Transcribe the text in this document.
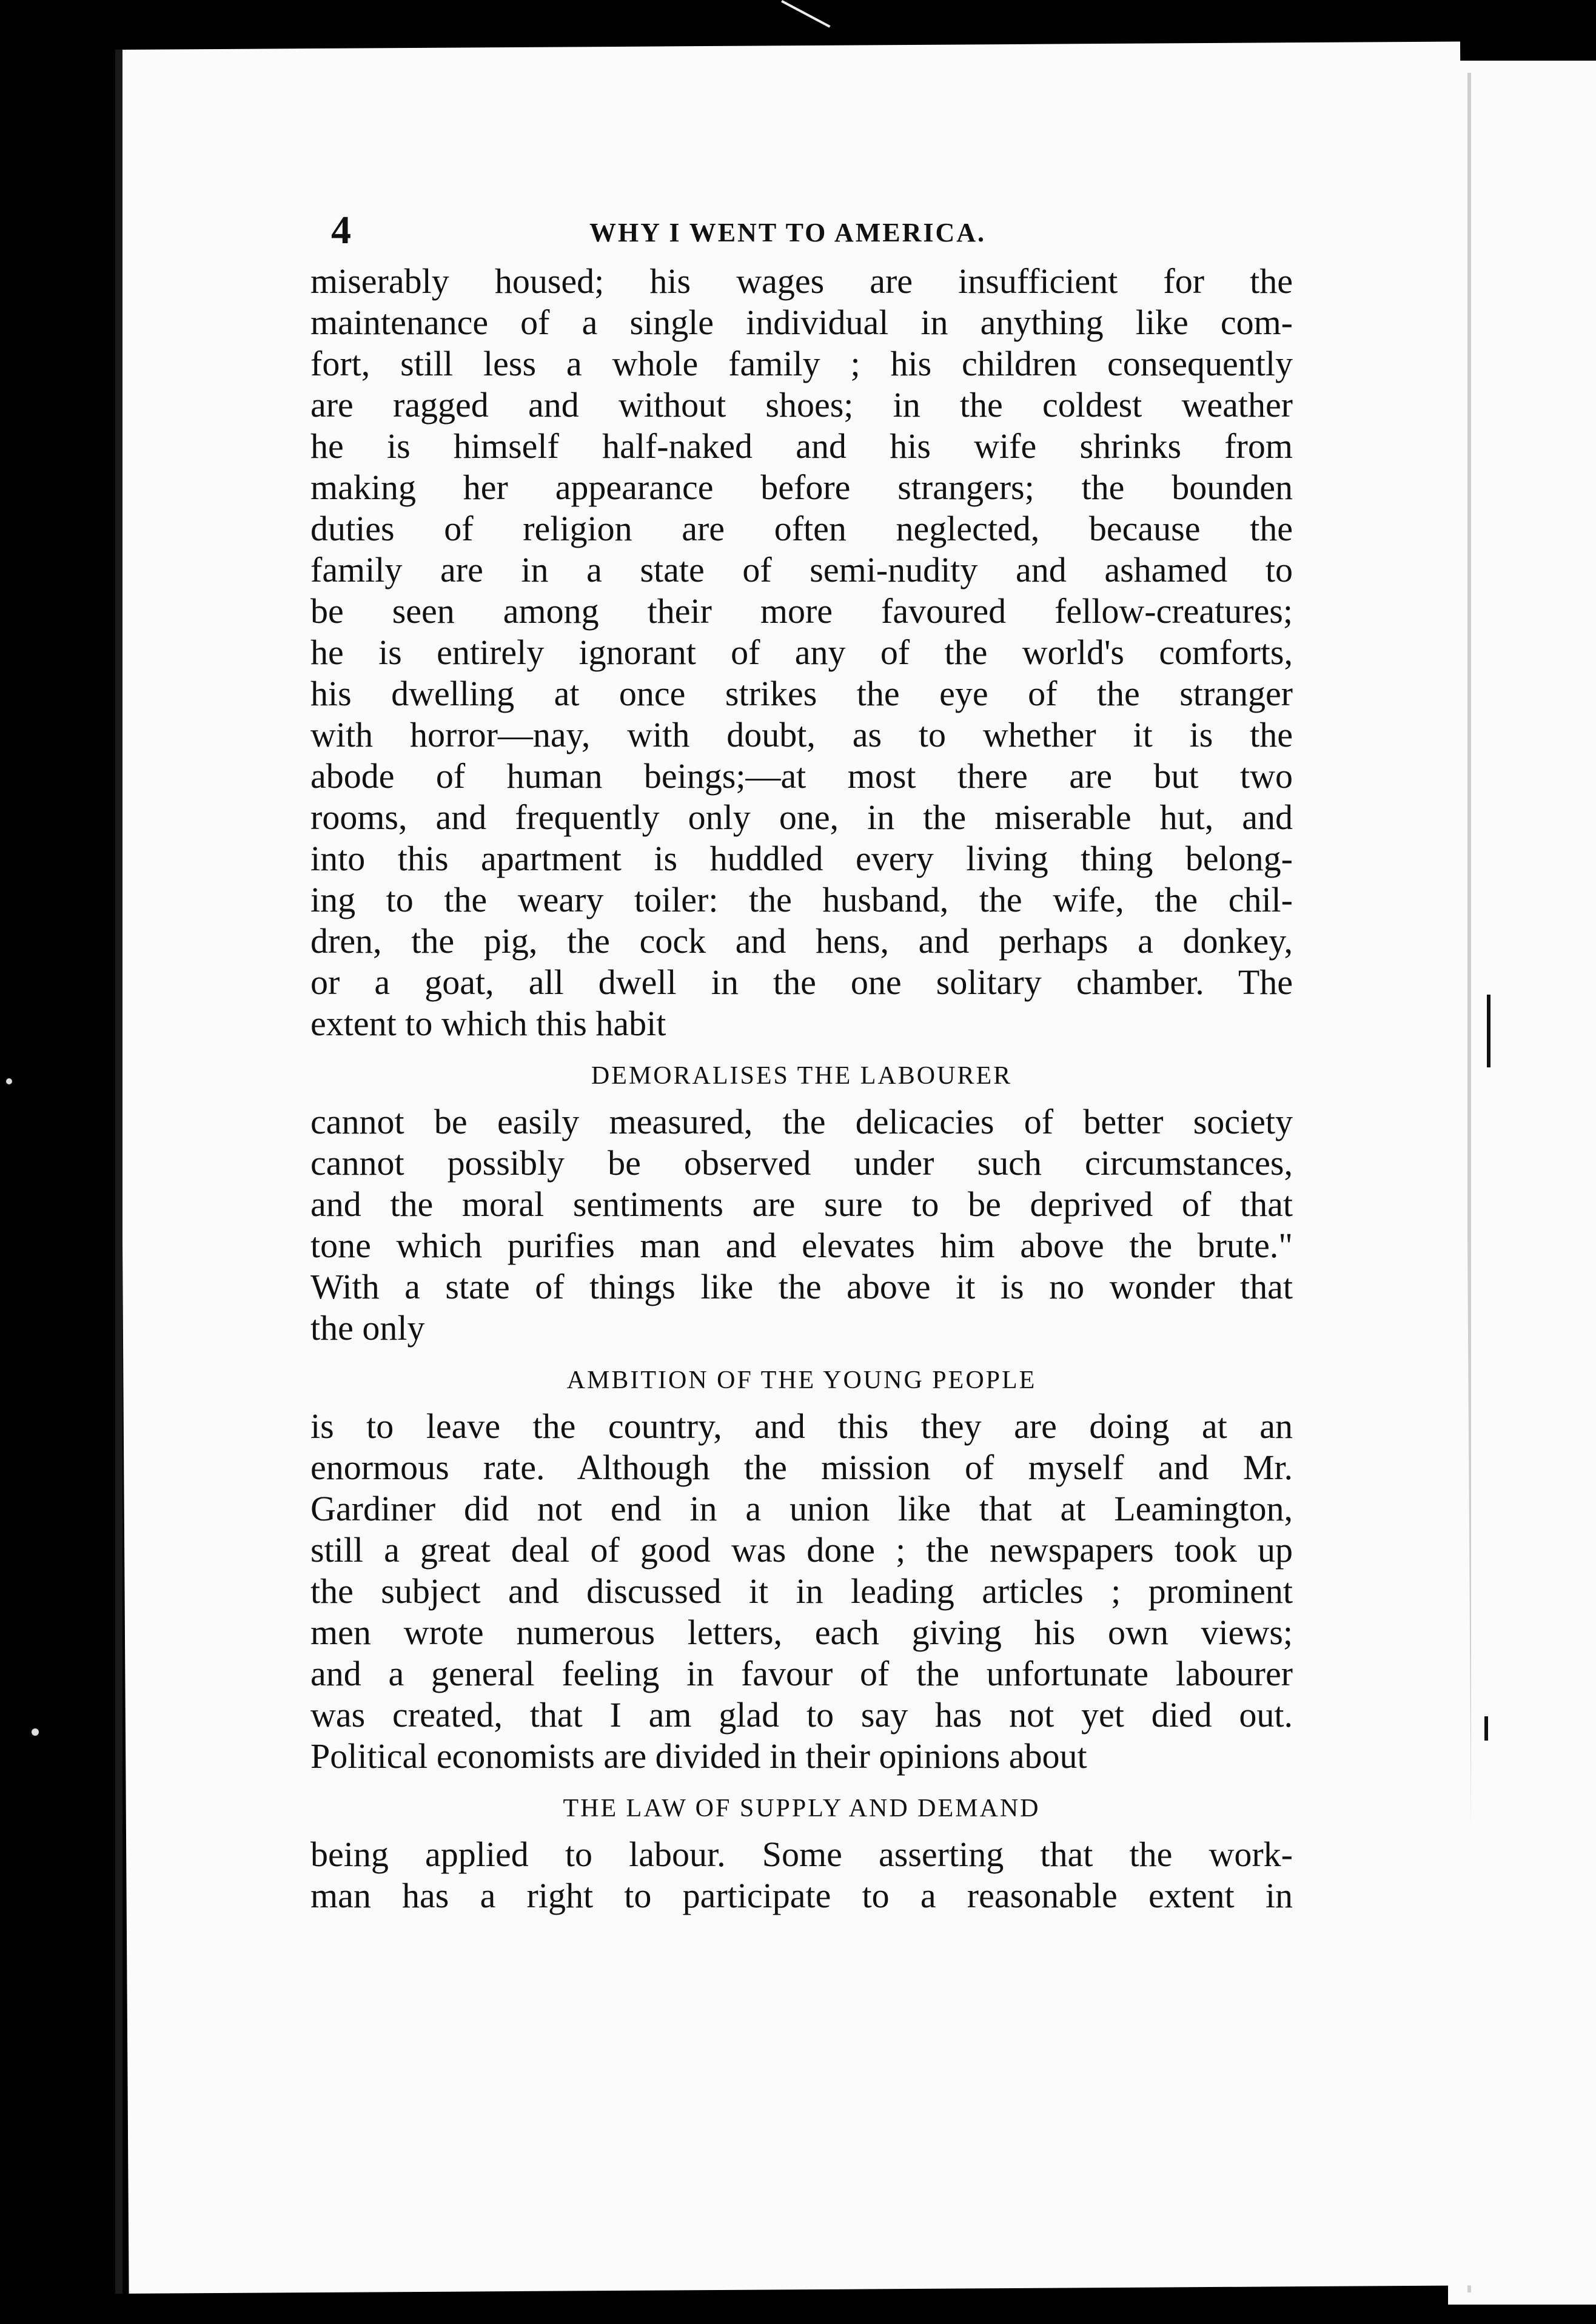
4	WHY I WENT TO AMERICA.
miserably housed; his wages are insufficient for the
maintenance of a single individual in anything like com-
fort, still less a whole family ; his children consequently
are ragged and without shoes; in the coldest weather
he is himself half-naked and his wife shrinks from
making her appearance before strangers; the bounden
duties of religion are often neglected, because the
family are in a state of semi-nudity and ashamed to
be seen among their more favoured fellow-creatures;
he is entirely ignorant of any of the world's comforts,
his dwelling at once strikes the eye of the stranger
with horror—nay, with doubt, as to whether it is the
abode of human beings;—at most there are but two
rooms, and frequently only one, in the miserable hut, and
into this apartment is huddled every living thing belong-
ing to the weary toiler: the husband, the wife, the chil-
dren, the pig, the cock and hens, and perhaps a donkey,
or a goat, all dwell in the one solitary chamber. The
extent to which this habit
DEMORALISES THE LABOURER
cannot be easily measured, the delicacies of better society
cannot possibly be observed under such circumstances,
and the moral sentiments are sure to be deprived of that
tone which purifies man and elevates him above the brute."
With a state of things like the above it is no wonder that
the only
AMBITION OF THE YOUNG PEOPLE
is to leave the country, and this they are doing at an
enormous rate. Although the mission of myself and Mr.
Gardiner did not end in a union like that at Leamington,
still a great deal of good was done ; the newspapers took up
the subject and discussed it in leading articles ; prominent
men wrote numerous letters, each giving his own views;
and a general feeling in favour of the unfortunate labourer
was created, that I am glad to say has not yet died out.
Political economists are divided in their opinions about
THE LAW OF SUPPLY AND DEMAND
being applied to labour. Some asserting that the work-
man has a right to participate to a reasonable extent in
